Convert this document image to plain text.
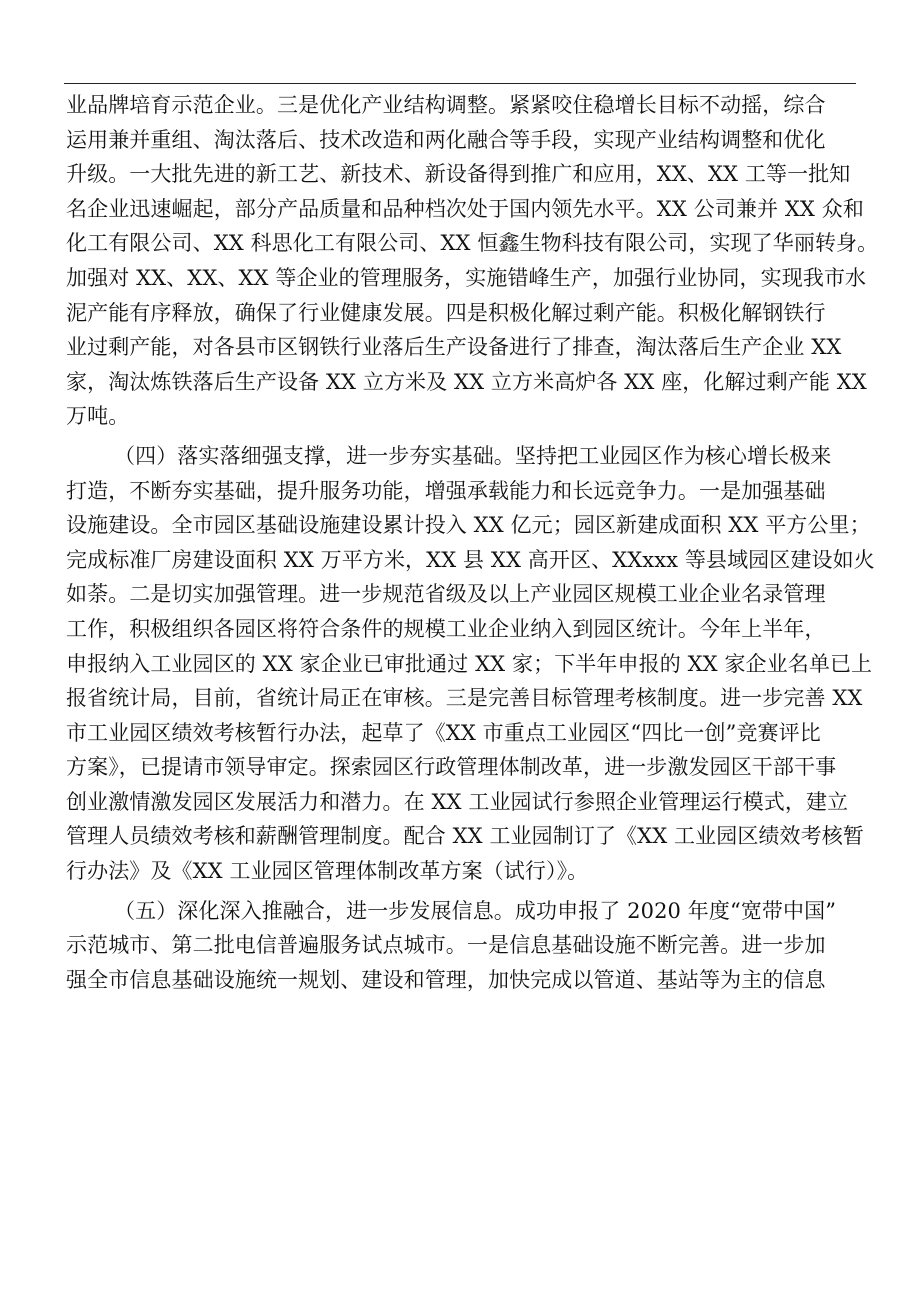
业品牌培育示范企业。三是优化产业结构调整。紧紧咬住稳增长目标不动摇，综合
运用兼并重组、淘汰落后、技术改造和两化融合等手段，实现产业结构调整和优化
升级。一大批先进的新工艺、新技术、新设备得到推广和应用，XX、XX 工等一批知
名企业迅速崛起，部分产品质量和品种档次处于国内领先水平。XX 公司兼并 XX 众和
化工有限公司、XX 科思化工有限公司、XX 恒鑫生物科技有限公司，实现了华丽转身。
加强对 XX、XX、XX 等企业的管理服务，实施错峰生产，加强行业协同，实现我市水
泥产能有序释放，确保了行业健康发展。四是积极化解过剩产能。积极化解钢铁行
业过剩产能，对各县市区钢铁行业落后生产设备进行了排查，淘汰落后生产企业 XX
家，淘汰炼铁落后生产设备 XX 立方米及 XX 立方米高炉各 XX 座，化解过剩产能 XX
万吨。
（四）落实落细强支撑，进一步夯实基础。坚持把工业园区作为核心增长极来
打造，不断夯实基础，提升服务功能，增强承载能力和长远竞争力。一是加强基础
设施建设。全市园区基础设施建设累计投入 XX 亿元；园区新建成面积 XX 平方公里；
完成标准厂房建设面积 XX 万平方米，XX 县 XX 高开区、XXxxx 等县域园区建设如火
如荼。二是切实加强管理。进一步规范省级及以上产业园区规模工业企业名录管理
工作，积极组织各园区将符合条件的规模工业企业纳入到园区统计。今年上半年，
申报纳入工业园区的 XX 家企业已审批通过 XX 家；下半年申报的 XX 家企业名单已上
报省统计局，目前，省统计局正在审核。三是完善目标管理考核制度。进一步完善 XX
市工业园区绩效考核暂行办法，起草了《XX 市重点工业园区“四比一创”竞赛评比
方案》，已提请市领导审定。探索园区行政管理体制改革，进一步激发园区干部干事
创业激情激发园区发展活力和潜力。在 XX 工业园试行参照企业管理运行模式，建立
管理人员绩效考核和薪酬管理制度。配合 XX 工业园制订了《XX 工业园区绩效考核暂
行办法》及《XX 工业园区管理体制改革方案（试行）》。
（五）深化深入推融合，进一步发展信息。成功申报了 2020 年度“宽带中国”
示范城市、第二批电信普遍服务试点城市。一是信息基础设施不断完善。进一步加
强全市信息基础设施统一规划、建设和管理，加快完成以管道、基站等为主的信息
